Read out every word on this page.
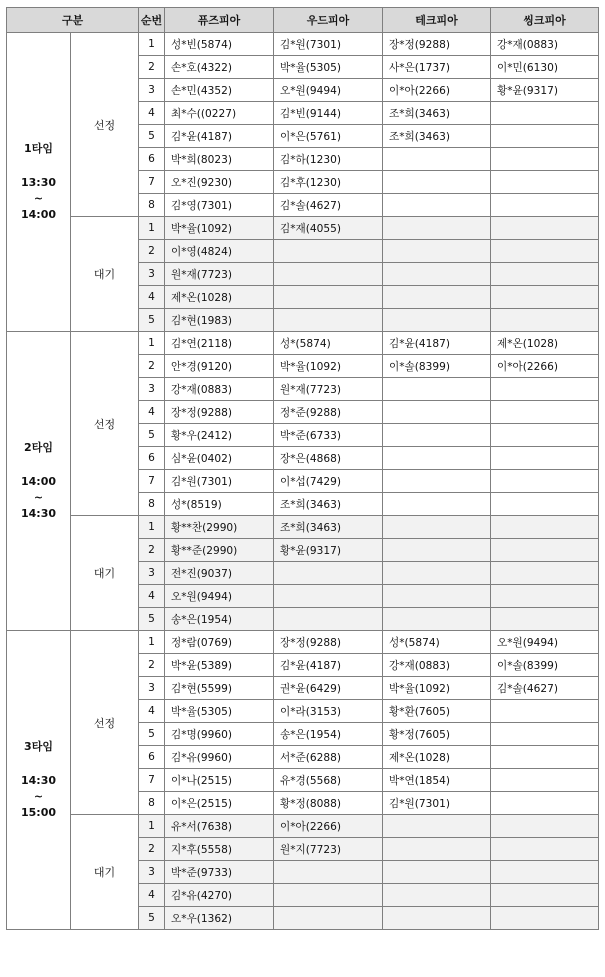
구분		순번	퓨즈피아	우드피아	테크피아	씽크피아

1타임
13:30
~
14:00	선정	1	성*빈(5874)	김*원(7301)	장*정(9288)	강*재(0883)
		2	손*호(4322)	박*율(5305)	사*은(1737)	이*민(6130)
		3	손*민(4352)	오*원(9494)	이*아(2266)	황*윤(9317)
		4	최*수((0227)	김*빈(9144)	조*희(3463)	
		5	김*윤(4187)	이*은(5761)	조*희(3463)	
		6	박*희(8023)	김*하(1230)		
		7	오*진(9230)	김*후(1230)		
		8	김*영(7301)	김*솔(4627)		
	대기	1	박*율(1092)	김*재(4055)		
		2	이*영(4824)			
		3	원*재(7723)			
		4	제*온(1028)			
		5	김*현(1983)			

2타임
14:00
~
14:30	선정	1	김*연(2118)	성*(5874)	김*윤(4187)	제*온(1028)
		2	안*경(9120)	박*율(1092)	이*솔(8399)	이*아(2266)
		3	강*재(0883)	원*재(7723)		
		4	장*정(9288)	정*준(9288)		
		5	황*우(2412)	박*준(6733)		
		6	심*윤(0402)	장*은(4868)		
		7	김*원(7301)	이*섭(7429)		
		8	성*(8519)	조*희(3463)		
	대기	1	황**찬(2990)	조*희(3463)		
		2	황**준(2990)	황*윤(9317)		
		3	전*진(9037)			
		4	오*원(9494)			
		5	송*은(1954)			

3타임
14:30
~
15:00	선정	1	정*람(0769)	장*정(9288)	성*(5874)	오*원(9494)
		2	박*윤(5389)	김*윤(4187)	강*재(0883)	이*솔(8399)
		3	김*현(5599)	권*윤(6429)	박*율(1092)	김*솔(4627)
		4	박*율(5305)	이*라(3153)	황*환(7605)	
		5	김*명(9960)	송*은(1954)	황*정(7605)	
		6	김*유(9960)	서*준(6288)	제*온(1028)	
		7	이*나(2515)	유*경(5568)	박*연(1854)	
		8	이*은(2515)	황*정(8088)	김*원(7301)	
	대기	1	유*서(7638)	이*아(2266)		
		2	지*후(5558)	원*지(7723)		
		3	박*준(9733)			
		4	김*유(4270)			
		5	오*우(1362)			
